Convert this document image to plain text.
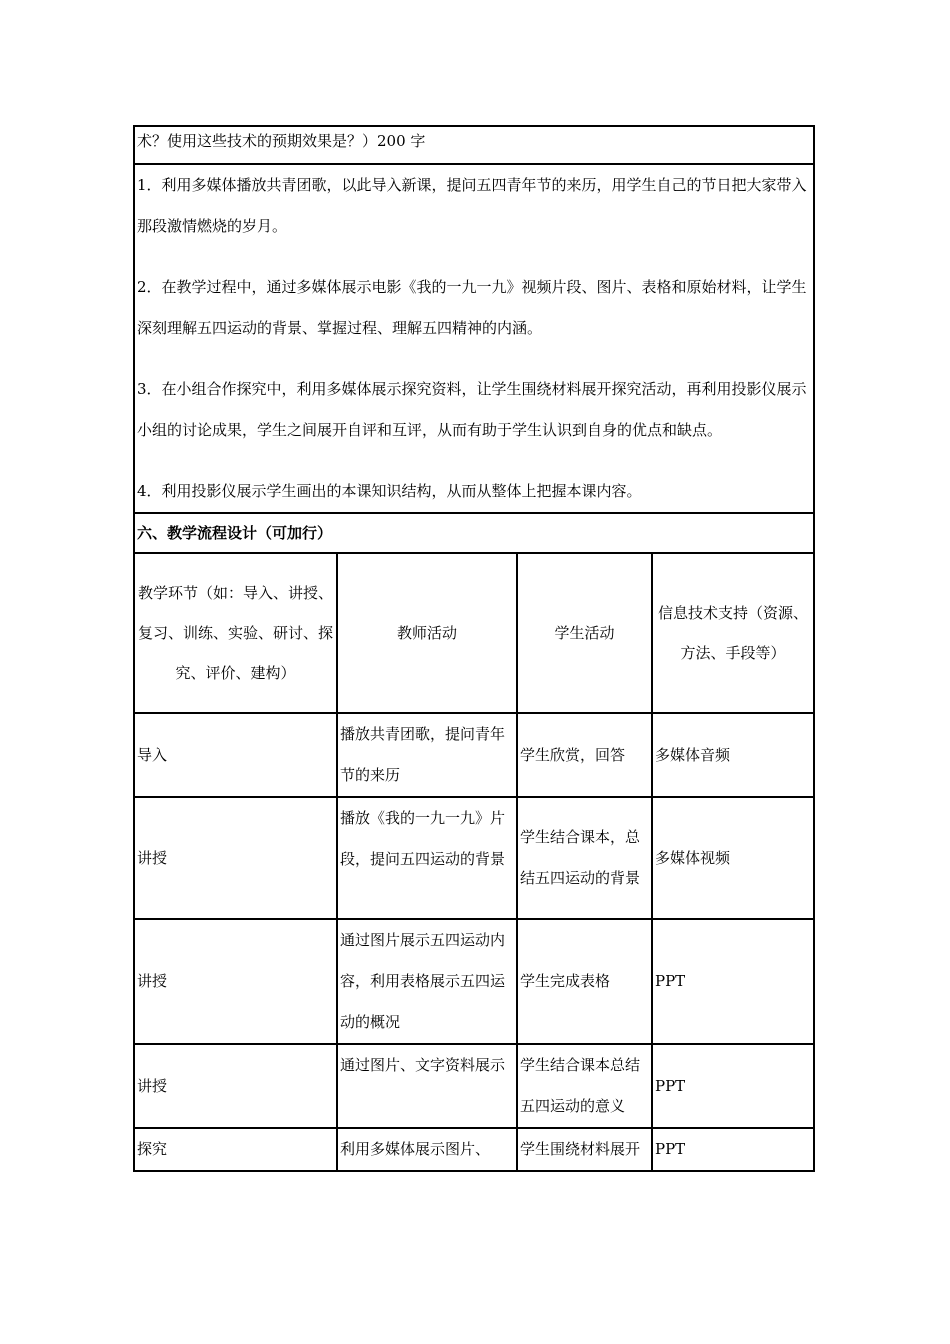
术？使用这些技术的预期效果是？）200 字			

1．利用多媒体播放共青团歌，以此导入新课，提问五四青年节的来历，用学生自己的节日把大家带入那段激情燃烧的岁月。

2．在教学过程中，通过多媒体展示电影《我的一九一九》视频片段、图片、表格和原始材料，让学生深刻理解五四运动的背景、掌握过程、理解五四精神的内涵。

3．在小组合作探究中，利用多媒体展示探究资料，让学生围绕材料展开探究活动，再利用投影仪展示小组的讨论成果，学生之间展开自评和互评，从而有助于学生认识到自身的优点和缺点。

4．利用投影仪展示学生画出的本课知识结构，从而从整体上把握本课内容。			

六、教学流程设计（可加行）			
教学环节（如：导入、讲授、复习、训练、实验、研讨、探究、评价、建构）	教师活动	学生活动	信息技术支持（资源、方法、手段等）
导入	播放共青团歌，提问青年节的来历	学生欣赏，回答	多媒体音频
讲授	播放《我的一九一九》片段，提问五四运动的背景	学生结合课本，总结五四运动的背景	多媒体视频
讲授	通过图片展示五四运动内容，利用表格展示五四运动的概况	学生完成表格	PPT
讲授	通过图片、文字资料展示	学生结合课本总结五四运动的意义	PPT
探究	利用多媒体展示图片、	学生围绕材料展开	PPT
